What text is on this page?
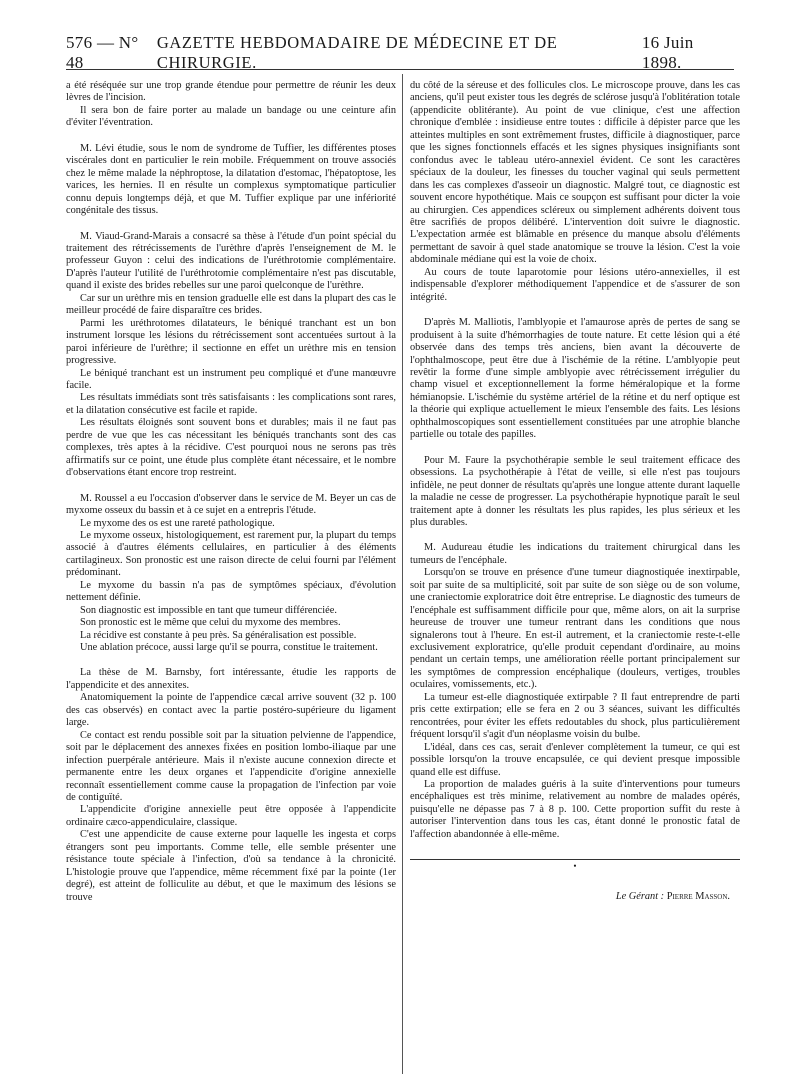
576 — N° 48
GAZETTE HEBDOMADAIRE DE MÉDECINE ET DE CHIRURGIE.
16 Juin 1898.

a été réséquée sur une trop grande étendue pour permettre de réunir les deux lèvres de l'incision.

Il sera bon de faire porter au malade un bandage ou une ceinture afin d'éviter l'éventration.

M. Lévi étudie, sous le nom de syndrome de Tuffier, les différentes ptoses viscérales dont en particulier le rein mobile. Fréquemment on trouve associés chez le même malade la néphroptose, la dilatation d'estomac, l'hépatoptose, les varices, les hernies. Il en résulte un complexus symptomatique particulier connu depuis longtemps déjà, et que M. Tuffier explique par une infériorité congénitale des tissus.

M. Viaud-Grand-Marais a consacré sa thèse à l'étude d'un point spécial du traitement des rétrécissements de l'urèthre d'après l'enseignement de M. le professeur Guyon : celui des indications de l'uréthrotomie complémentaire. D'après l'auteur l'utilité de l'uréthrotomie complémentaire n'est pas discutable, quand il existe des brides rebelles sur une paroi quelconque de l'urèthre.

Car sur un urèthre mis en tension graduelle elle est dans la plupart des cas le meilleur procédé de faire disparaître ces brides.

Parmi les uréthrotomes dilatateurs, le béniqué tranchant est un bon instrument lorsque les lésions du rétrécissement sont accentuées surtout à la paroi inférieure de l'urèthre; il sectionne en effet un urèthre mis en tension progressive.

Le béniqué tranchant est un instrument peu compliqué et d'une manœuvre facile.

Les résultats immédiats sont très satisfaisants : les complications sont rares, et la dilatation consécutive est facile et rapide.

Les résultats éloignés sont souvent bons et durables; mais il ne faut pas perdre de vue que les cas nécessitant les béniqués tranchants sont des cas complexes, très aptes à la récidive. C'est pourquoi nous ne serons pas très affirmatifs sur ce point, une étude plus complète étant nécessaire, et le nombre d'observations étant encore trop restreint.

M. Roussel a eu l'occasion d'observer dans le service de M. Beyer un cas de myxome osseux du bassin et à ce sujet en a entrepris l'étude.

Le myxome des os est une rareté pathologique.

Le myxome osseux, histologiquement, est rarement pur, la plupart du temps associé à d'autres éléments cellulaires, en particulier à des éléments cartilagineux. Son pronostic est une raison directe de celui fourni par l'élément prédominant.

Le myxome du bassin n'a pas de symptômes spéciaux, d'évolution nettement définie.

Son diagnostic est impossible en tant que tumeur différenciée.

Son pronostic est le même que celui du myxome des membres.

La récidive est constante à peu près. Sa généralisation est possible.

Une ablation précoce, aussi large qu'il se pourra, constitue le traitement.

La thèse de M. Barnsby, fort intéressante, étudie les rapports de l'appendicite et des annexites.

Anatomiquement la pointe de l'appendice cæcal arrive souvent (32 p. 100 des cas observés) en contact avec la partie postéro-supérieure du ligament large.

Ce contact est rendu possible soit par la situation pelvienne de l'appendice, soit par le déplacement des annexes fixées en position lombo-iliaque par une infection puerpérale antérieure. Mais il n'existe aucune connexion directe et permanente entre les deux organes et l'appendicite d'origine annexielle reconnaît essentiellement comme cause la propagation de l'infection par voie de contiguïté.

L'appendicite d'origine annexielle peut être opposée à l'appendicite ordinaire cæco-appendiculaire, classique.

C'est une appendicite de cause externe pour laquelle les ingesta et corps étrangers sont peu importants. Comme telle, elle semble présenter une résistance toute spéciale à l'infection, d'où sa tendance à la chronicité. L'histologie prouve que l'appendice, même récemment fixé par la pointe (1er degré), est atteint de folliculite au début, et que le maximum des lésions se trouve

du côté de la séreuse et des follicules clos. Le microscope prouve, dans les cas anciens, qu'il peut exister tous les degrés de sclérose jusqu'à l'oblitération totale (appendicite oblitérante). Au point de vue clinique, c'est une affection chronique d'emblée : insidieuse entre toutes : difficile à dépister parce que les atteintes multiples en sont extrêmement frustes, difficile à diagnostiquer, parce que les signes fonctionnels effacés et les signes physiques insignifiants sont confondus avec le tableau utéro-annexiel évident. Ce sont les caractères spéciaux de la douleur, les finesses du toucher vaginal qui seuls permettent dans les cas complexes d'asseoir un diagnostic. Malgré tout, ce diagnostic est souvent encore hypothétique. Mais ce soupçon est suffisant pour dicter la voie au chirurgien. Ces appendices scléreux ou simplement adhérents doivent tous être sacrifiés de propos délibéré. L'intervention doit suivre le diagnostic. L'expectation armée est blâmable en présence du manque absolu d'éléments permettant de savoir à quel stade anatomique se trouve la lésion. C'est la voie abdominale médiane qui est la voie de choix.

Au cours de toute laparotomie pour lésions utéro-annexielles, il est indispensable d'explorer méthodiquement l'appendice et de s'assurer de son intégrité.

D'après M. Malliotis, l'amblyopie et l'amaurose après de pertes de sang se produisent à la suite d'hémorrhagies de toute nature. Et cette lésion qui a été observée dans des temps très anciens, bien avant la découverte de l'ophthalmoscope, peut être due à l'ischémie de la rétine. L'amblyopie peut revêtir la forme d'une simple amblyopie avec rétrécissement irrégulier du champ visuel et exceptionnellement la forme héméralopique et la forme hémianopsie. L'ischémie du système artériel de la rétine et du nerf optique est la théorie qui explique actuellement le mieux l'ensemble des faits. Les lésions ophthalmoscopiques sont essentiellement constituées par une atrophie blanche partielle ou totale des papilles.

Pour M. Faure la psychothérapie semble le seul traitement efficace des obsessions. La psychothérapie à l'état de veille, si elle n'est pas toujours infidèle, ne peut donner de résultats qu'après une longue attente durant laquelle la maladie ne cesse de progresser. La psychothérapie hypnotique paraît le seul traitement apte à donner les résultats les plus rapides, les plus sérieux et les plus durables.

M. Audureau étudie les indications du traitement chirurgical dans les tumeurs de l'encéphale.

Lorsqu'on se trouve en présence d'une tumeur diagnostiquée inextirpable, soit par suite de sa multiplicité, soit par suite de son siège ou de son volume, une craniectomie exploratrice doit être entreprise. Le diagnostic des tumeurs de l'encéphale est suffisamment difficile pour que, même alors, on ait la surprise heureuse de trouver une tumeur rentrant dans les conditions que nous signalerons tout à l'heure. En est-il autrement, et la craniectomie reste-t-elle exclusivement exploratrice, qu'elle produit cependant d'ordinaire, au moins pendant un certain temps, une amélioration réelle portant principalement sur les symptômes de compression encéphalique (douleurs, vertiges, troubles oculaires, vomissements, etc.).

La tumeur est-elle diagnostiquée extirpable ? Il faut entreprendre de parti pris cette extirpation; elle se fera en 2 ou 3 séances, suivant les difficultés rencontrées, pour éviter les effets redoutables du shock, plus particulièrement fréquent lorsqu'il s'agit d'un néoplasme voisin du bulbe.

L'idéal, dans ces cas, serait d'enlever complètement la tumeur, ce qui est possible lorsqu'on la trouve encapsulée, ce qui devient presque impossible quand elle est diffuse.

La proportion de malades guéris à la suite d'interventions pour tumeurs encéphaliques est très minime, relativement au nombre de malades opérés, puisqu'elle ne dépasse pas 7 à 8 p. 100. Cette proportion suffit du reste à autoriser l'intervention dans tous les cas, étant donné le pronostic fatal de l'affection abandonnée à elle-même.

•
Le Gérant : Pierre Masson.
